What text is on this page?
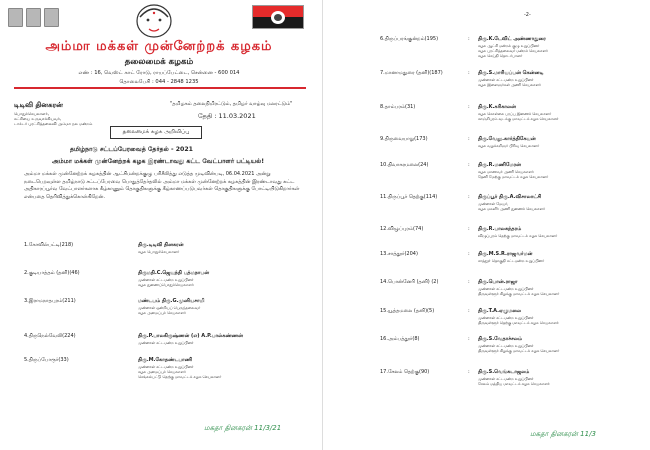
அம்மா மக்கள் முன்னேற்றக் கழகம்
தலைமைக் கழகம்
எண் : 16, வெஸ்ட் காட் ரோடு, ராயப்பேட்டை, சென்னை - 600 014
தொலைபேசி : 044 - 2848 1235
டிடிவி தினகரன்
பொதுச்செயலாளர்,
கட்சியை உருவாக்கியவர்,
டாக்டர் புரட்சித்தலைவி அம்மா நல மன்றம்
"தமிழகம் தலைநிமிரட்டும், தமிழர் வாழ்வு மலரட்டும்"
தேதி : 11.03.2021
தலைமைக் கழக அறிவிப்பு
தமிழ்நாடு சட்டப்பேரவைத் தேர்தல் - 2021
அம்மா மக்கள் முன்னேற்றக் கழக இரண்டாவது கட்ட வேட்பாளர் பட்டியல்!
அம்மா மக்கள் முன்னேற்றக் கழகத்தின் ஆட்சிமன்றக்குழு பரிசீலித்து எடுத்த முடிவின்படி, 06.04.2021 அன்று நடைபெறவுள்ள தமிழ்நாடு சட்டப்பேரவை பொதுத்தேர்தலில் அம்மா மக்கள் முன்னேற்றக் கழகத்தின் இரண்டாவது கட்ட அதிகாரப்பூர்வ வேட்பாளர்களாக கீழ்காணும் தொகுதிகளுக்கு கீழ்காணப்படுபவர்கள் தொகுதிகளுக்கு போட்டியிடுகிறார்கள் என்பதை தெரிவித்துக்கொள்கிறேன்.
1.கோவில்பட்டி(218)	திரு.டிடிவி தினகரன்
கழக பொதுச்செயலாளர்
2.குடியாத்தம் (தனி)(46)	திருமதி.C.ஜெயந்தி பத்மநாபன்
முன்னாள் சட்டமன்ற உறுப்பினர்
கழக துணைப்பொதுச்செயலாளர்
3.இராமநாதபுரம்(211)	மண்டபம் திரு.G.முனியசாமி
முன்னாள் ஒன்றியப் பெருந்தலைவர்
கழக அமைப்புச் செயலாளர்
4.திருநெல்வேலி(224)	திரு.P.பாலகிருஷ்ணன் (எ) A.P.பால்கண்ணன்
முன்னாள் சட்டமன்ற உறுப்பினர்
5.திருப்போரூர்(33)	திரு.M.கோதண்டபாணி
முன்னாள் சட்டமன்ற உறுப்பினர்
கழக அமைப்புச் செயலாளர்
செங்கல்பட்டு தெற்கு மாவட்டக் கழக செயலாளர்
மகதா தினகரன் 11/3/21
-2-
6.திருப்பரங்குன்றம்(195)	: திரு.K.டேவிட் அண்ணாதுரை
கழக ஆட்சி மன்றக் குழு உறுப்பினர்
கழக புரட்சித்தலைவர் மன்றச் செயலாளர்
கழக செய்தி தொடர்பாளர்
7.மானாமதுரை (தனி)(187)	: திரு.S.மாரியப்பன் கென்னடி
முன்னாள் சட்டமன்ற உறுப்பினர்
கழக இளைஞர்கள் அணி செயலாளர்
8.தாம்பரம்(31)	: திரு.K.கரிகாலன்
கழக கொள்கை பரப்பு இணைச் செயலாளர்
காஞ்சிபுரம் வடக்கு மாவட்டக் கழக செயலாளர்
9.திருவையாறு(173)	: திரு.வேலு.கார்த்திகேயன்
கழக வழக்கறிஞர் பிரிவு செயலாளர்
10.திவாகரமலை(24)	: திரு.R.மணிமேரன்
கழக மாணவர் அணி செயலாளர்
தேனி மேற்கு மாவட்டக் கழக செயலாளர்
11.திருப்பூர் தெற்கு(114)	: திருப்பூர் திரு.A.விசாலாட்சி
முன்னாள் மேயர்,
கழக மகளிர் அணி துணைச் செயலாளர்
12.விழுப்புரம்(74)	: திரு.R.பாலசுந்தரம்
விழுப்புரம் தெற்கு மாவட்டக் கழக செயலாளர்
13.சாத்தூர்(204)	: திரு.M.S.R.ராஜவர்மன்
சாத்தூர் தொகுதி சட்டமன்ற உறுப்பினர்
14.பொன்னேரி (தனி) (2)	: திரு.பொன்.ராஜா
முன்னாள் சட்டமன்ற உறுப்பினர்
திருவள்ளூர் கிழக்கு மாவட்டக் கழக செயலாளர்
15.யூத்தமலை (தனி)(5)	: திரு.T.A.ஏழுமலை
முன்னாள் சட்டமன்ற உறுப்பினர்
திருவள்ளூர் தெற்கு மாவட்டக் கழக செயலாளர்
16.அம்பத்தூர்(8)	: திரு.S.வேதாச்சலம்
முன்னாள் சட்டமன்ற உறுப்பினர்
திருவள்ளூர் கிழக்கு மாவட்டக் கழக செயலாளர்
17.சேலம் தெற்கு(90)	: திரு.S.வெங்கடாஜலம்
முன்னாள் சட்டமன்ற உறுப்பினர்
சேலம் மத்திய மாவட்டக் கழக செயலாளர்
மகதா தினகரன் 11/3
